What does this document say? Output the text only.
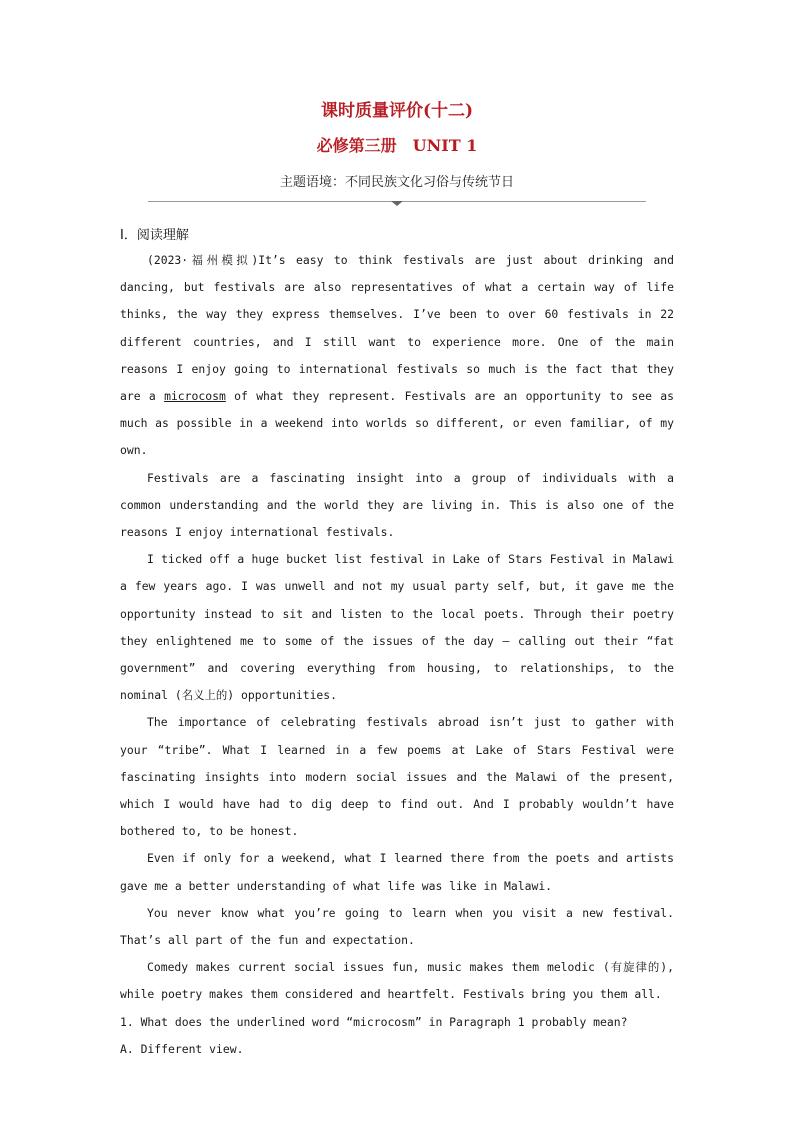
课时质量评价(十二)
必修第三册　UNIT 1
主题语境：不同民族文化习俗与传统节日
Ⅰ．阅读理解

(2023·福州模拟)It’s easy to think festivals are just about drinking and dancing, but festivals are also representatives of what a certain way of life thinks, the way they express themselves. I’ve been to over 60 festivals in 22 different countries, and I still want to experience more. One of the main reasons I enjoy going to international festivals so much is the fact that they are a microcosm of what they represent. Festivals are an opportunity to see as much as possible in a weekend into worlds so different, or even familiar, of my own.

Festivals are a fascinating insight into a group of individuals with a common understanding and the world they are living in. This is also one of the reasons I enjoy international festivals.

I ticked off a huge bucket list festival in Lake of Stars Festival in Malawi a few years ago. I was unwell and not my usual party self, but, it gave me the opportunity instead to sit and listen to the local poets. Through their poetry they enlightened me to some of the issues of the day — calling out their “fat government” and covering everything from housing, to relationships, to the nominal (名义上的) opportunities.

The importance of celebrating festivals abroad isn’t just to gather with your “tribe”. What I learned in a few poems at Lake of Stars Festival were fascinating insights into modern social issues and the Malawi of the present, which I would have had to dig deep to find out. And I probably wouldn’t have bothered to, to be honest.

Even if only for a weekend, what I learned there from the poets and artists gave me a better understanding of what life was like in Malawi.

You never know what you’re going to learn when you visit a new festival. That’s all part of the fun and expectation.

Comedy makes current social issues fun, music makes them melodic (有旋律的), while poetry makes them considered and heartfelt. Festivals bring you them all.

1. What does the underlined word “microcosm” in Paragraph 1 probably mean?

A. Different view.
